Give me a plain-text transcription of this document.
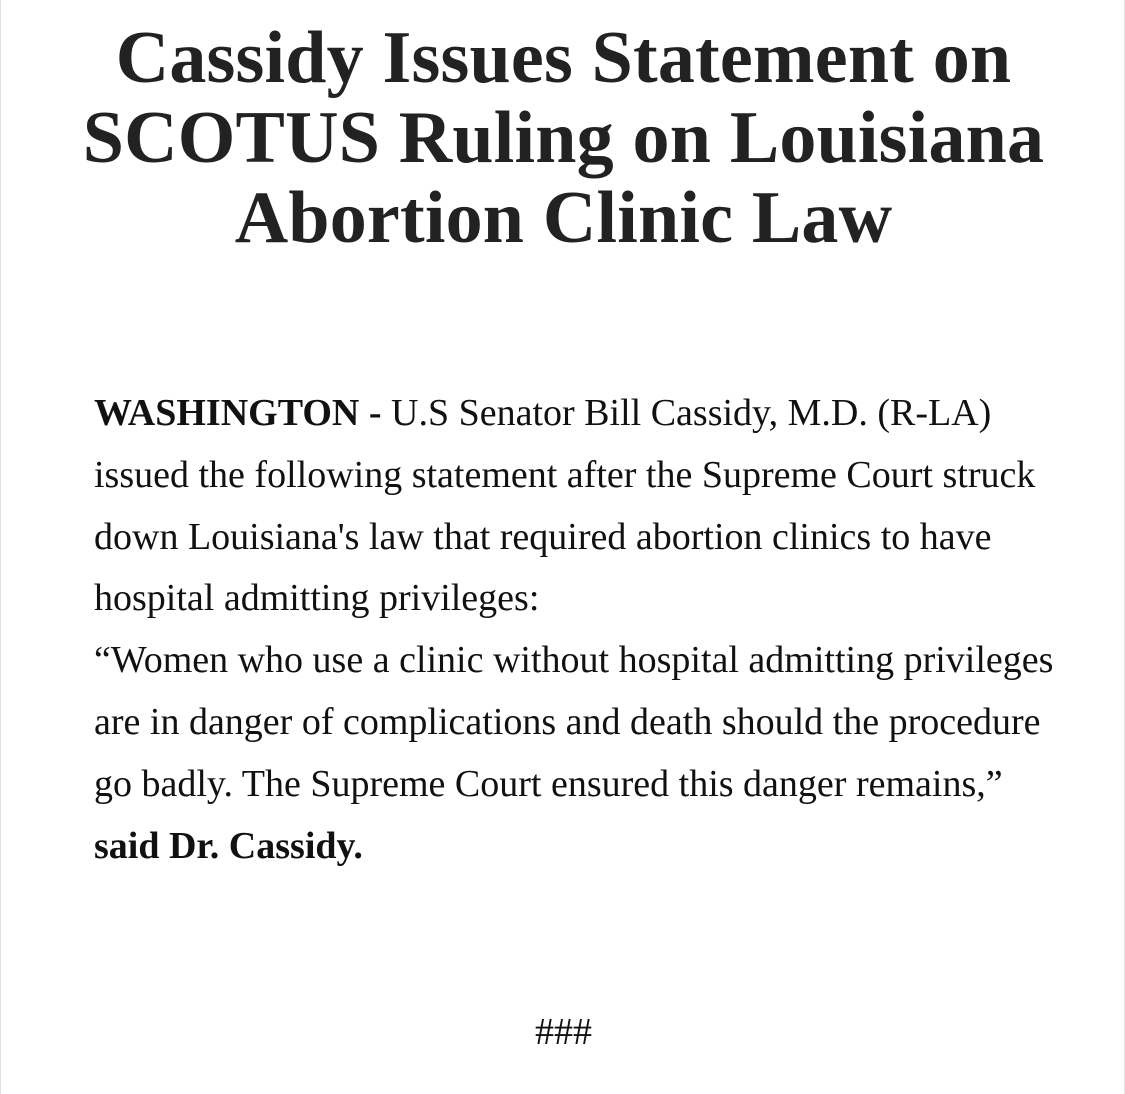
Cassidy Issues Statement on SCOTUS Ruling on Louisiana Abortion Clinic Law

WASHINGTON - U.S Senator Bill Cassidy, M.D. (R-LA) issued the following statement after the Supreme Court struck down Louisiana's law that required abortion clinics to have hospital admitting privileges:
“Women who use a clinic without hospital admitting privileges are in danger of complications and death should the procedure go badly. The Supreme Court ensured this danger remains,” said Dr. Cassidy.

###
